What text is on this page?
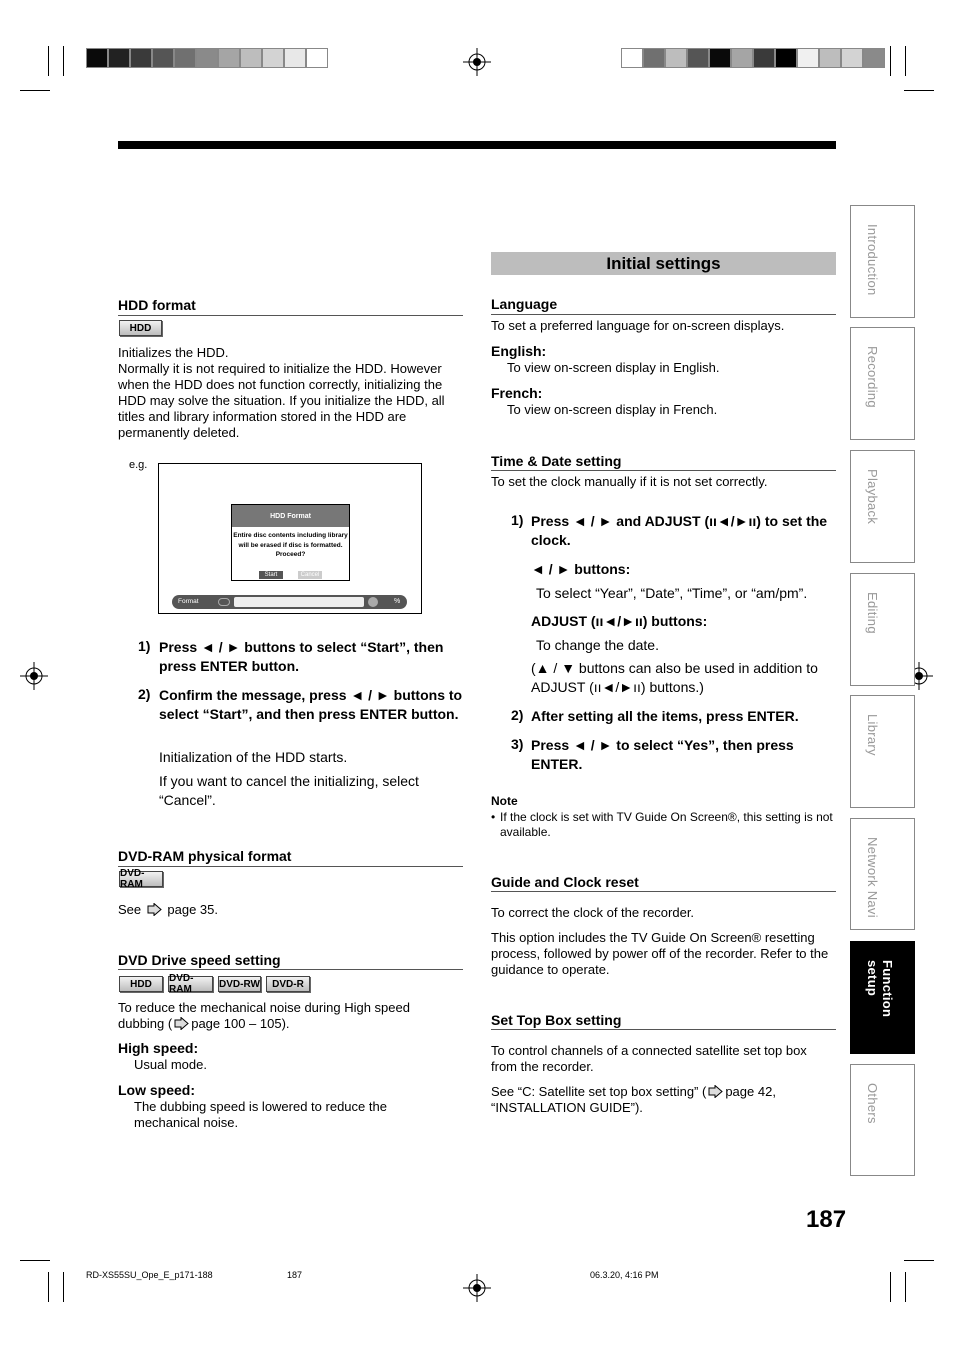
Introduction
Recording
Playback
Editing
Library
Network Navi
Function setup
Others
HDD format
HDD
Initializes the HDD.
Normally it is not required to initialize the HDD. However when the HDD does not function correctly, initializing the HDD may solve the situation. If you initialize the HDD, all titles and library information stored in the HDD are permanently deleted.
e.g.
HDD Format
Entire disc contents including library will be erased if disc is formatted. Proceed?
Start	Cancel
Format	%
1) Press ◄ / ► buttons to select “Start”, then press ENTER button.
2) Confirm the message, press ◄ / ► buttons to select “Start”, and then press ENTER button.
Initialization of the HDD starts.
If you want to cancel the initializing, select “Cancel”.
DVD-RAM physical format
DVD-RAM
See page 35.
DVD Drive speed setting
HDD	DVD-RAM	DVD-RW	DVD-R
To reduce the mechanical noise during High speed dubbing ( page 100 – 105).
High speed:
Usual mode.
Low speed:
The dubbing speed is lowered to reduce the mechanical noise.
Initial settings
Language
To set a preferred language for on-screen displays.
English:
To view on-screen display in English.
French:
To view on-screen display in French.
Time & Date setting
To set the clock manually if it is not set correctly.
1) Press ◄ / ► and ADJUST (ıı◄/►ıı) to set the clock.
◄ / ► buttons:
To select “Year”, “Date”, “Time”, or “am/pm”.
ADJUST (ıı◄/►ıı) buttons:
To change the date.
(▲ / ▼ buttons can also be used in addition to ADJUST (ıı◄/►ıı) buttons.)
2) After setting all the items, press ENTER.
3) Press ◄ / ► to select “Yes”, then press ENTER.
Note
• If the clock is set with TV Guide On Screen®, this setting is not available.
Guide and Clock reset
To correct the clock of the recorder.
This option includes the TV Guide On Screen® resetting process, followed by power off of the recorder. Refer to the guidance to operate.
Set Top Box setting
To control channels of a connected satellite set top box from the recorder.
See “C: Satellite set top box setting” ( page 42,
“INSTALLATION GUIDE”).
187
RD-XS55SU_Ope_E_p171-188	187	06.3.20, 4:16 PM
